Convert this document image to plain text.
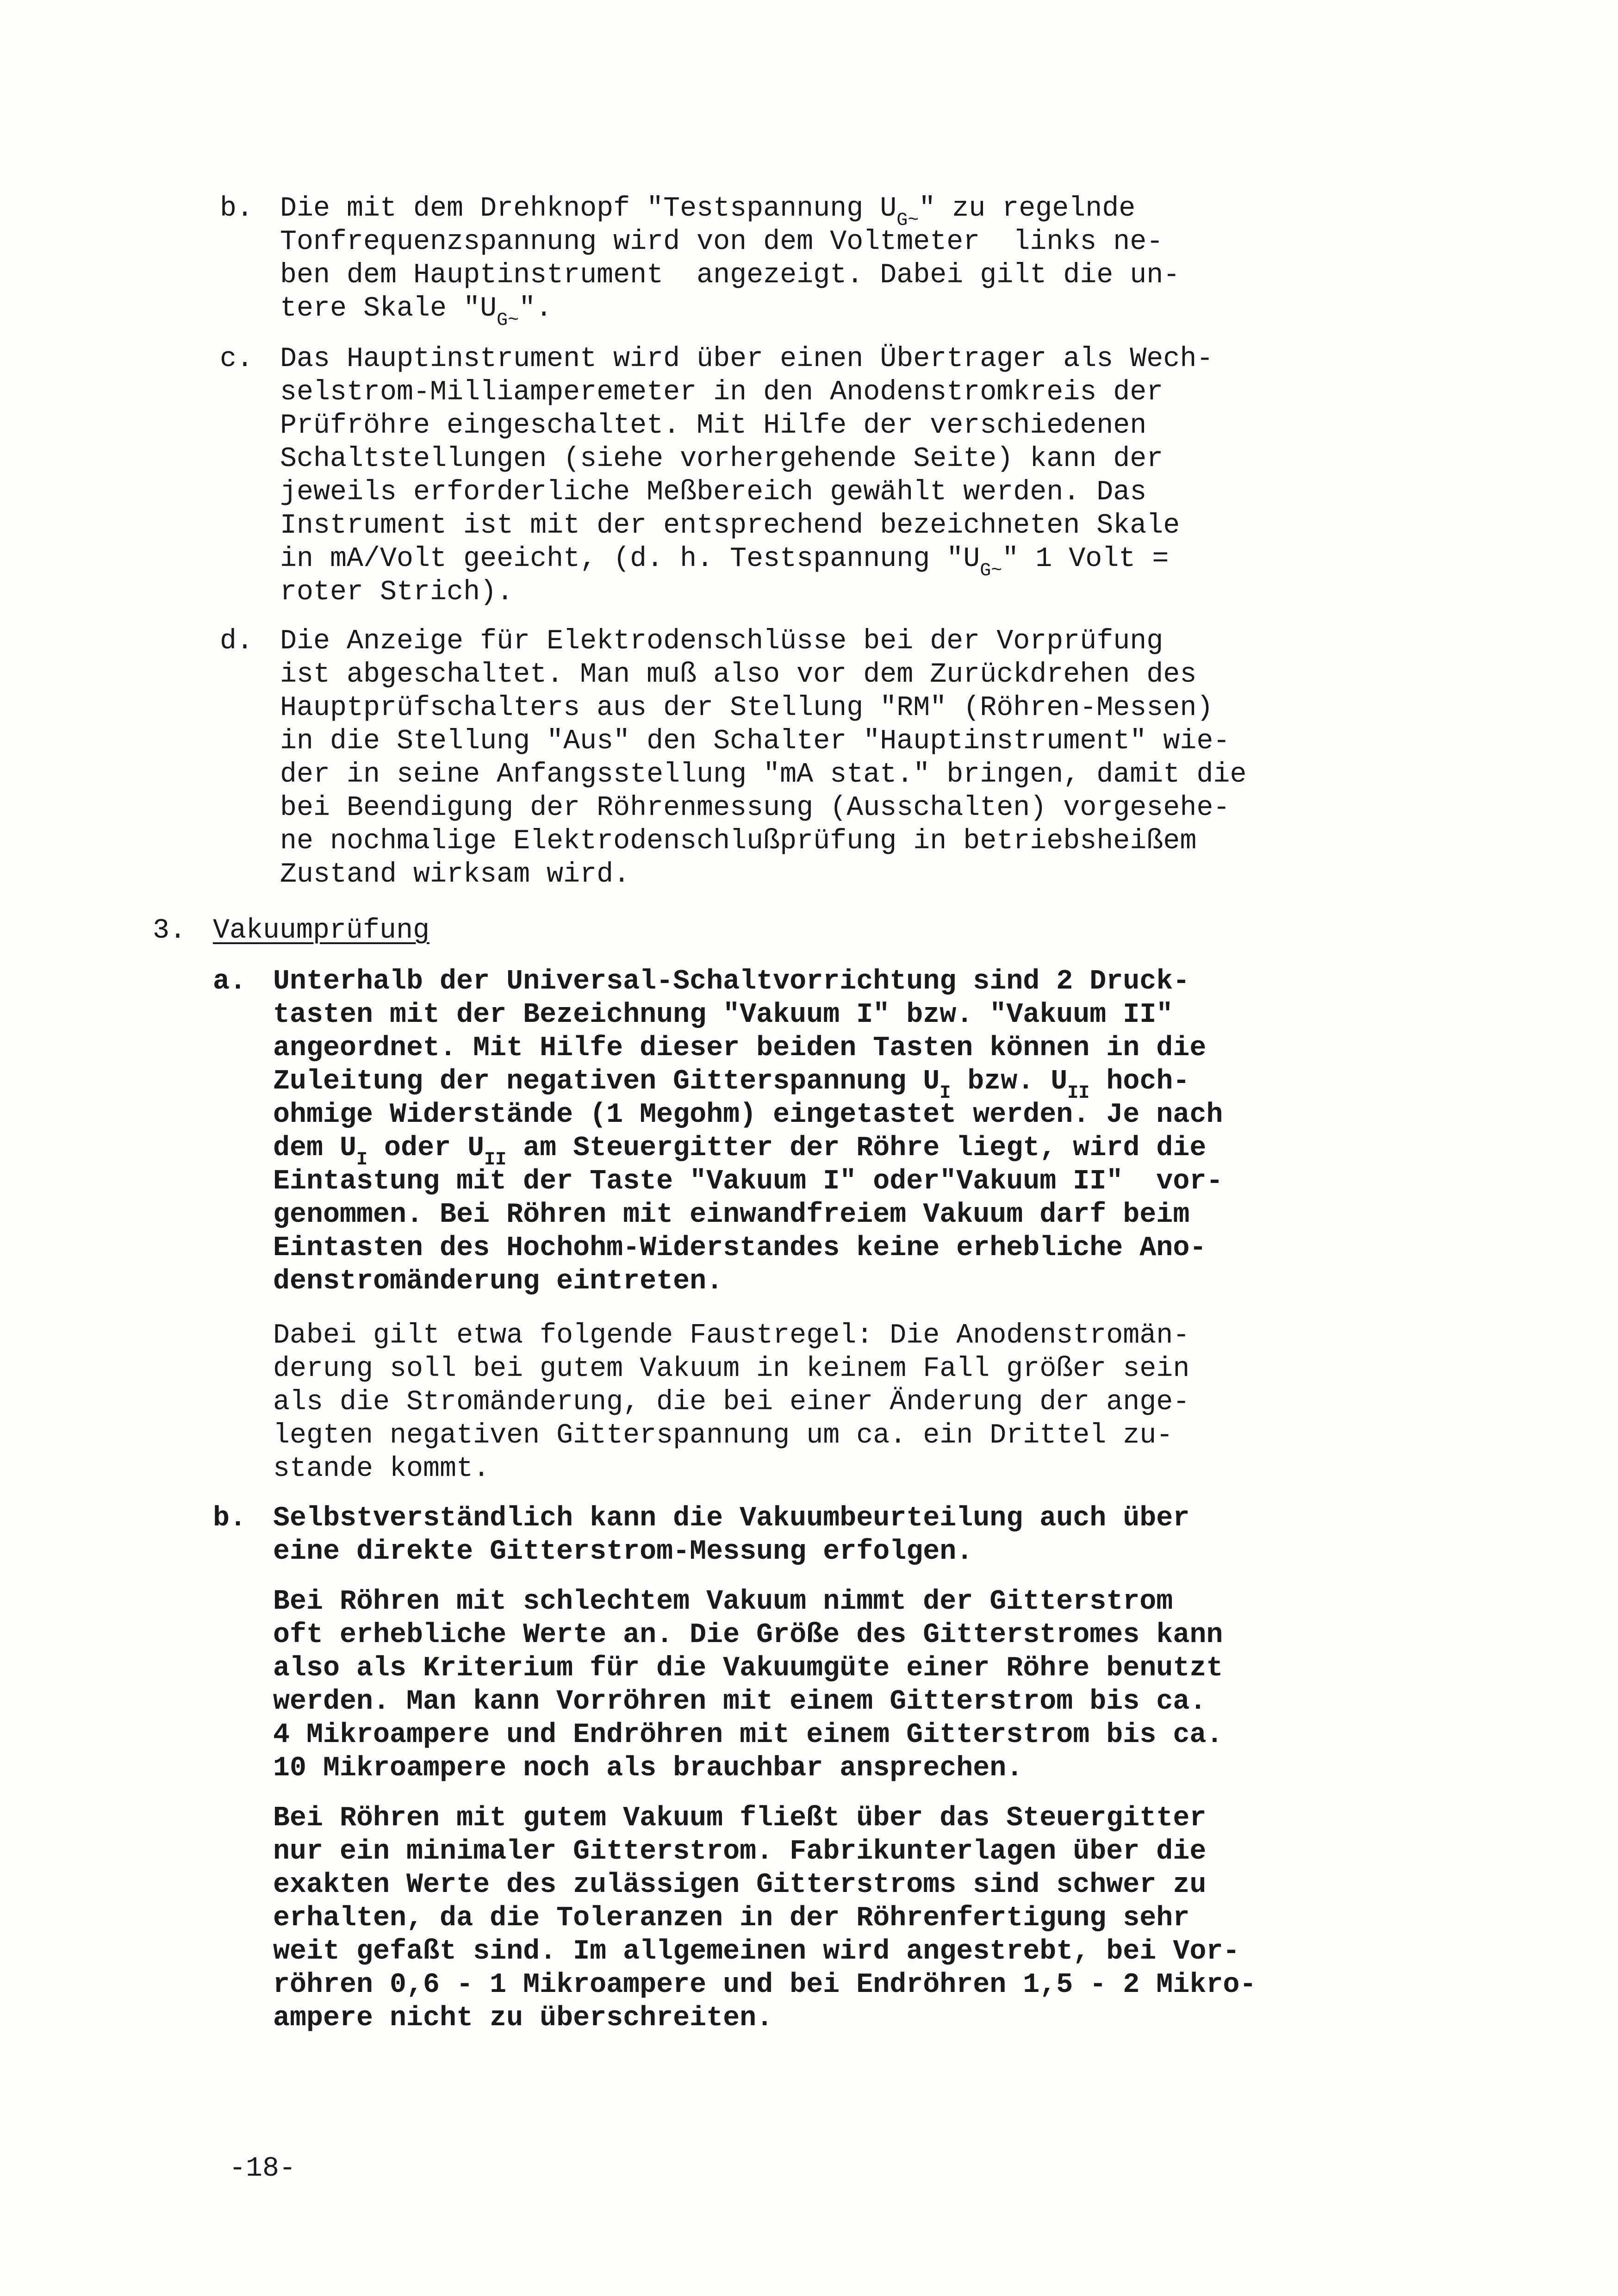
b. Die mit dem Drehknopf "Testspannung $U_{G\sim}$" zu regelnde
Tonfrequenzspannung wird von dem Voltmeter  links ne-
ben dem Hauptinstrument  angezeigt. Dabei gilt die un-
tere Skale "$U_{G\sim}$".
c. Das Hauptinstrument wird über einen Übertrager als Wech-
selstrom-Milliamperemeter in den Anodenstromkreis der
Prüfröhre eingeschaltet. Mit Hilfe der verschiedenen
Schaltstellungen (siehe vorhergehende Seite) kann der
jeweils erforderliche Meßbereich gewählt werden. Das
Instrument ist mit der entsprechend bezeichneten Skale
in mA/Volt geeicht, (d. h. Testspannung "$U_{G\sim}$" 1 Volt =
roter Strich).
d. Die Anzeige für Elektrodenschlüsse bei der Vorprüfung
ist abgeschaltet. Man muß also vor dem Zurückdrehen des
Hauptprüfschalters aus der Stellung "RM" (Röhren-Messen)
in die Stellung "Aus" den Schalter "Hauptinstrument" wie-
der in seine Anfangsstellung "mA stat." bringen, damit die
bei Beendigung der Röhrenmessung (Ausschalten) vorgesehe-
ne nochmalige Elektrodenschlußprüfung in betriebsheißem
Zustand wirksam wird.
3. Vakuumprüfung
a. Unterhalb der Universal-Schaltvorrichtung sind 2 Druck-
tasten mit der Bezeichnung "Vakuum I" bzw. "Vakuum II"
angeordnet. Mit Hilfe dieser beiden Tasten können in die
Zuleitung der negativen Gitterspannung $U_I$ bzw. $U_{II}$ hoch-
ohmige Widerstände (1 Megohm) eingetastet werden. Je nach
dem $U_I$ oder $U_{II}$ am Steuergitter der Röhre liegt, wird die
Eintastung mit der Taste "Vakuum I" oder"Vakuum II"  vor-
genommen. Bei Röhren mit einwandfreiem Vakuum darf beim
Eintasten des Hochohm-Widerstandes keine erhebliche Ano-
denstromänderung eintreten.
Dabei gilt etwa folgende Faustregel: Die Anodenstromän-
derung soll bei gutem Vakuum in keinem Fall größer sein
als die Stromänderung, die bei einer Änderung der ange-
legten negativen Gitterspannung um ca. ein Drittel zu-
stande kommt.
b. Selbstverständlich kann die Vakuumbeurteilung auch über
eine direkte Gitterstrom-Messung erfolgen.
Bei Röhren mit schlechtem Vakuum nimmt der Gitterstrom
oft erhebliche Werte an. Die Größe des Gitterstromes kann
also als Kriterium für die Vakuumgüte einer Röhre benutzt
werden. Man kann Vorröhren mit einem Gitterstrom bis ca.
4 Mikroampere und Endröhren mit einem Gitterstrom bis ca.
10 Mikroampere noch als brauchbar ansprechen.
Bei Röhren mit gutem Vakuum fließt über das Steuergitter
nur ein minimaler Gitterstrom. Fabrikunterlagen über die
exakten Werte des zulässigen Gitterstroms sind schwer zu
erhalten, da die Toleranzen in der Röhrenfertigung sehr
weit gefaßt sind. Im allgemeinen wird angestrebt, bei Vor-
röhren 0,6 - 1 Mikroampere und bei Endröhren 1,5 - 2 Mikro-
ampere nicht zu überschreiten.
-18-
